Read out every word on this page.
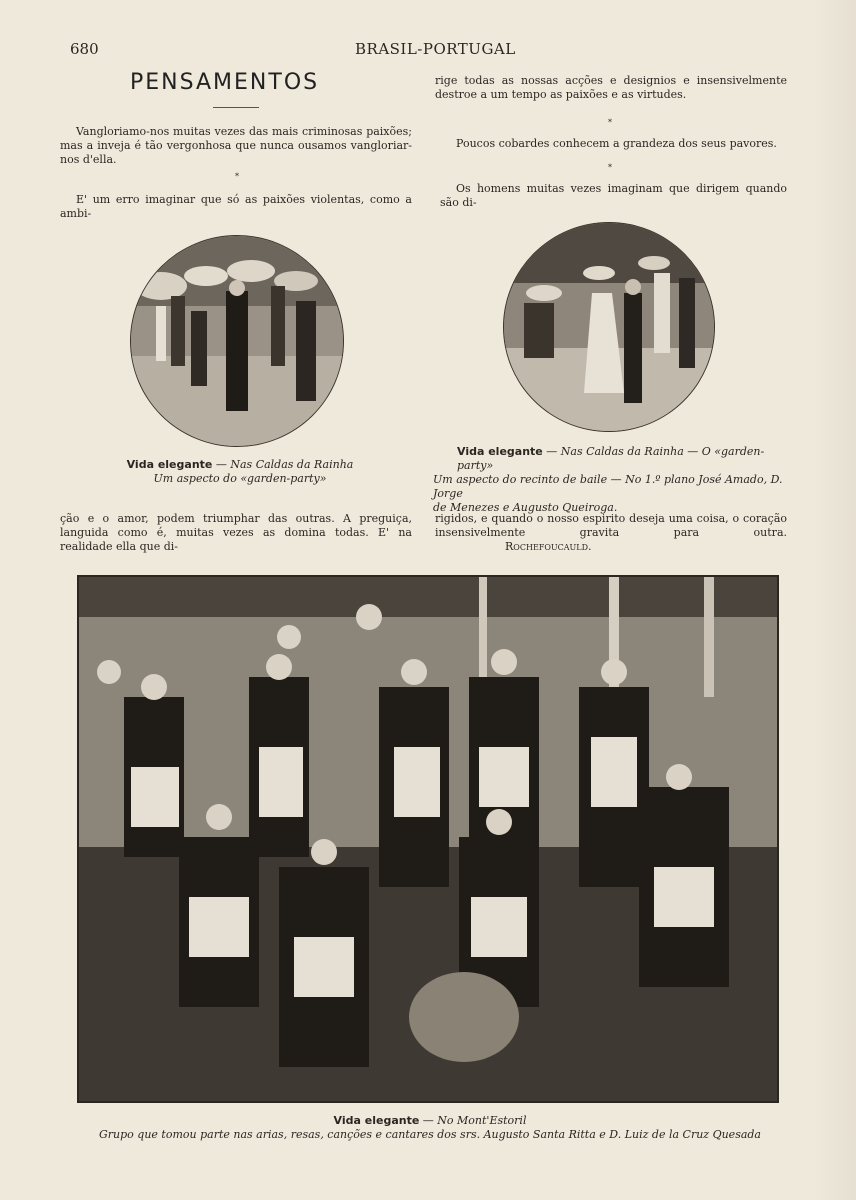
680	BRASIL-PORTUGAL
PENSAMENTOS
Vangloriamo-nos muitas vezes das mais criminosas paixões; mas a inveja é tão vergonhosa que nunca ousamos vangloriar-nos d'ella.
*
E' um erro imaginar que só as paixões violentas, como a ambi-
rige todas as nossas acções e designios e insensivelmente destroe a um tempo as paixões e as virtudes.
*
Poucos cobardes conhecem a grandeza dos seus pavores.
*
Os homens muitas vezes imaginam que dirigem quando são di-
Vida elegante — Nas Caldas da Rainha
Um aspecto do «garden-party»
Vida elegante — Nas Caldas da Rainha — O «garden-party»
Um aspecto do recinto de baile — No 1.º plano José Amado, D. Jorge
de Menezes e Augusto Queiroga.
ção e o amor, podem triumphar das outras. A preguiça, languida como é, muitas vezes as domina todas. E' na realidade ella que di-
rigidos, e quando o nosso espirito deseja uma coisa, o coração insensivelmente gravita para outra. Rochefoucauld.
Vida elegante — No Mont'Estoril
Grupo que tomou parte nas arias, resas, canções e cantares dos srs. Augusto Santa Ritta e D. Luiz de la Cruz Quesada
